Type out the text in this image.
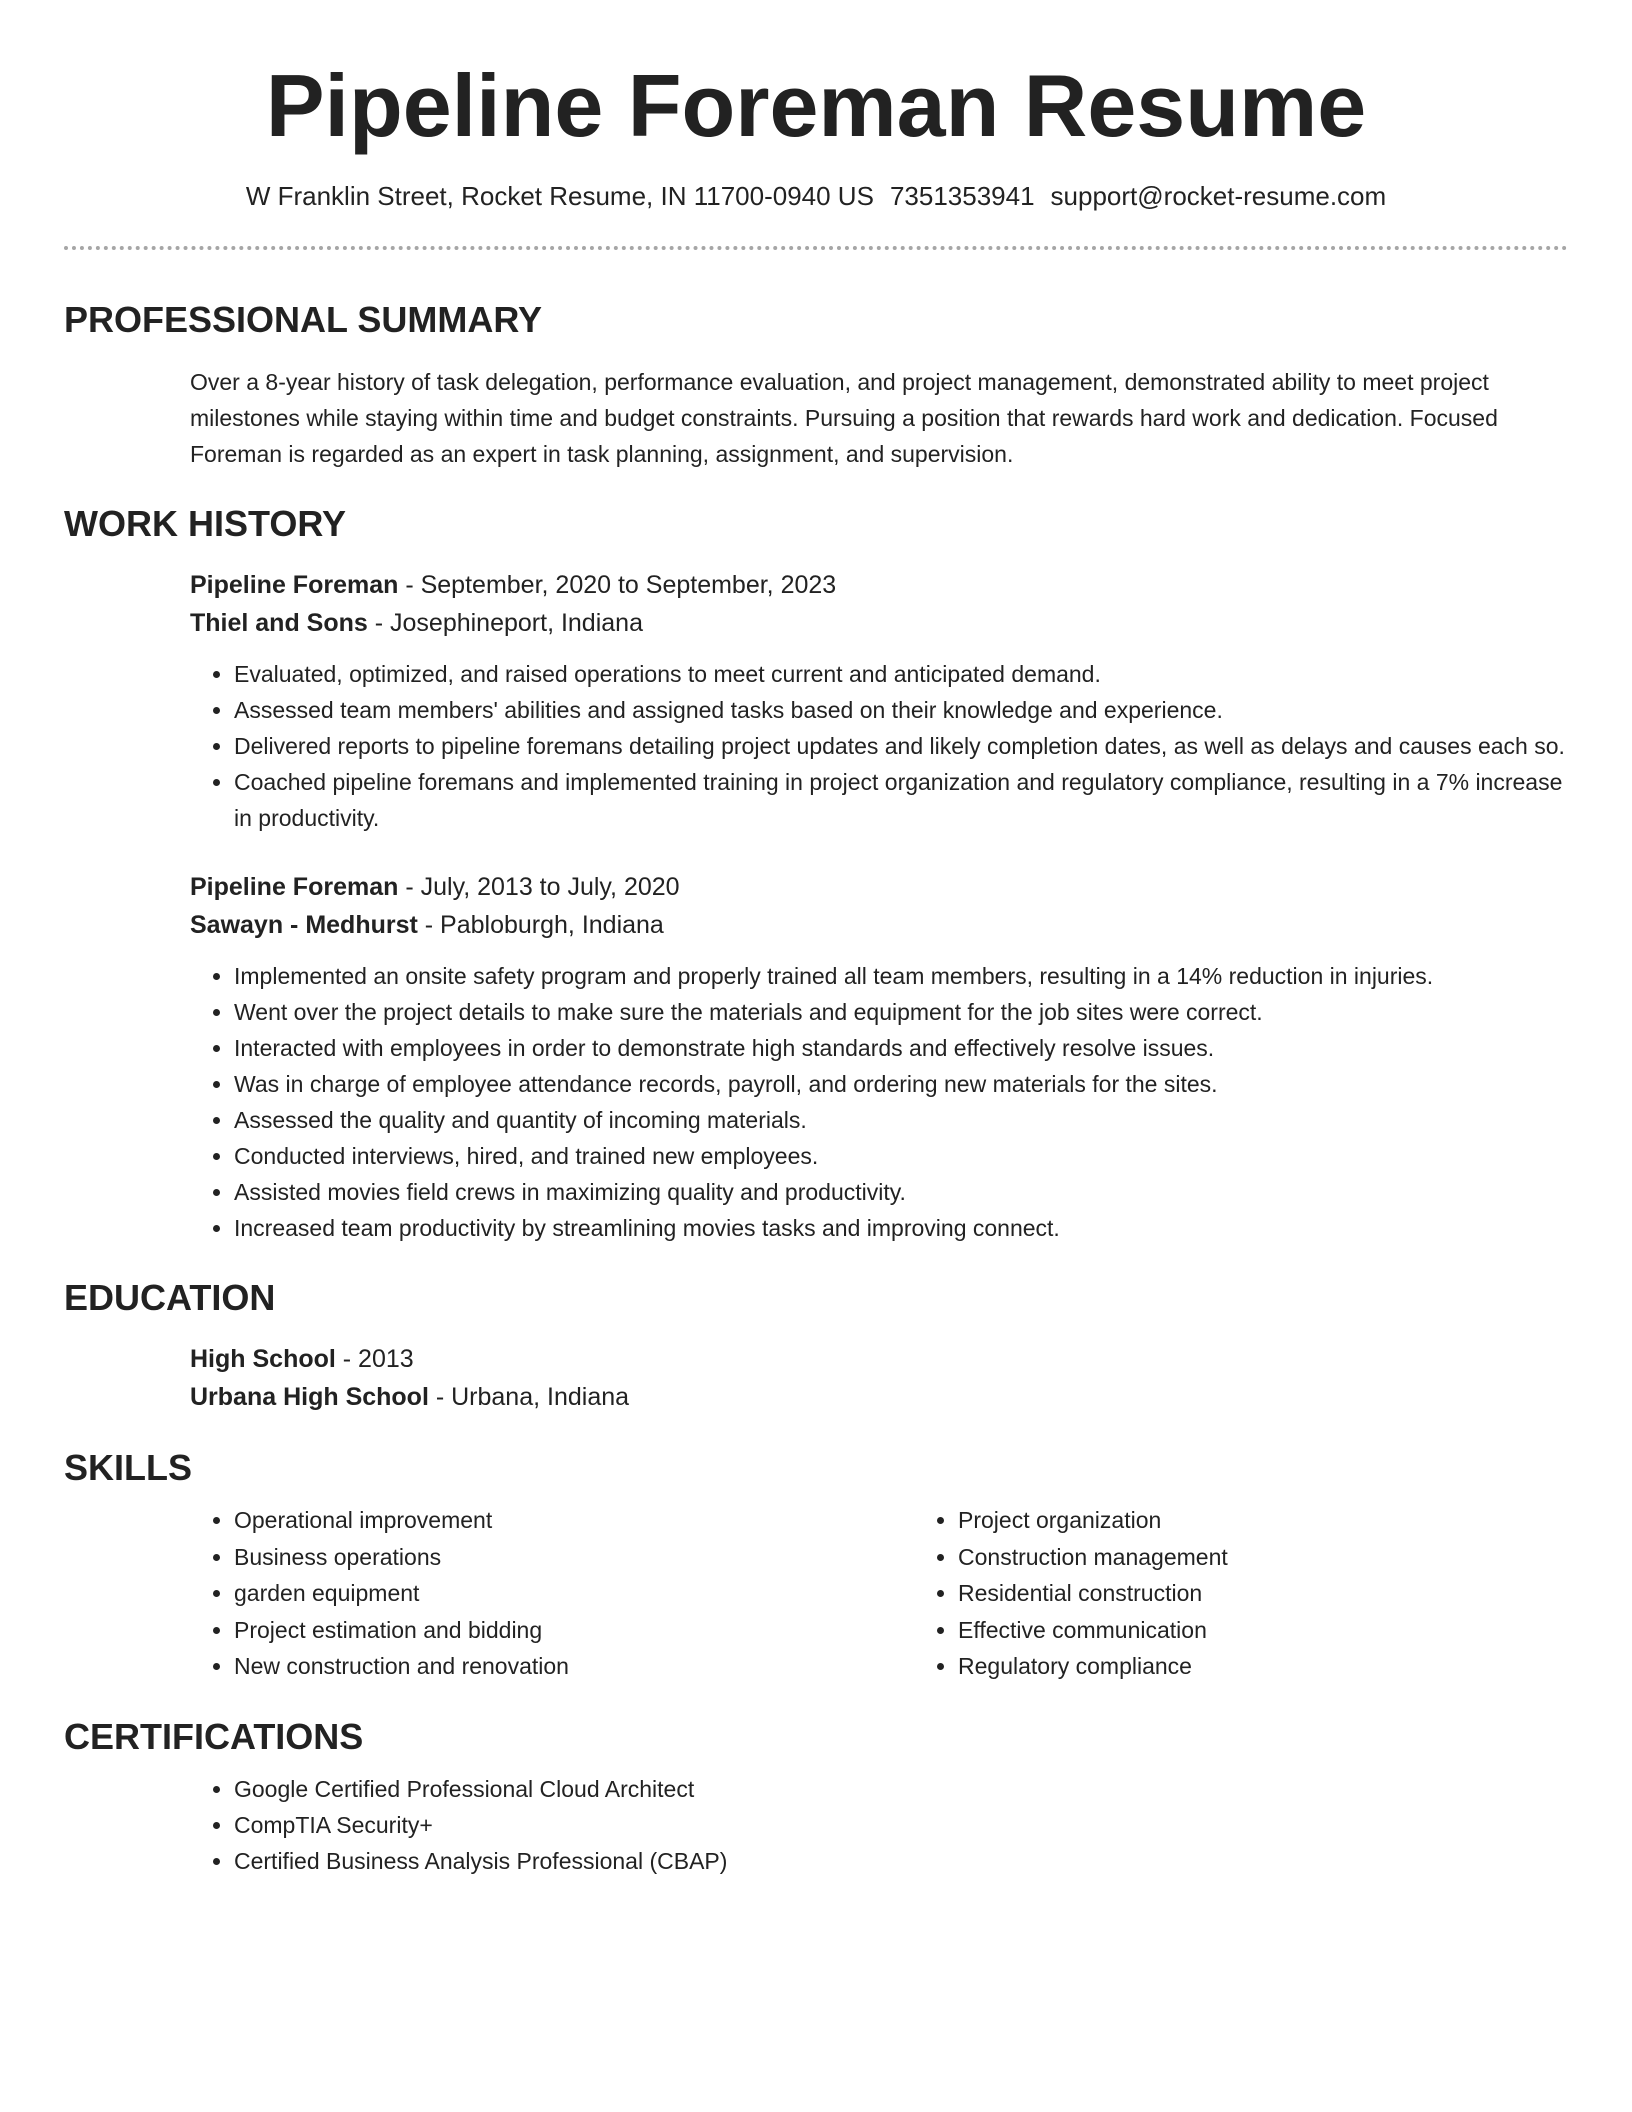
Pipeline Foreman Resume
W Franklin Street, Rocket Resume, IN 11700-0940 US 7351353941 support@rocket-resume.com
PROFESSIONAL SUMMARY
Over a 8-year history of task delegation, performance evaluation, and project management, demonstrated ability to meet project milestones while staying within time and budget constraints. Pursuing a position that rewards hard work and dedication. Focused Foreman is regarded as an expert in task planning, assignment, and supervision.
WORK HISTORY
Pipeline Foreman - September, 2020 to September, 2023
Thiel and Sons - Josephineport, Indiana
• Evaluated, optimized, and raised operations to meet current and anticipated demand.
• Assessed team members' abilities and assigned tasks based on their knowledge and experience.
• Delivered reports to pipeline foremans detailing project updates and likely completion dates, as well as delays and causes each so.
• Coached pipeline foremans and implemented training in project organization and regulatory compliance, resulting in a 7% increase in productivity.
Pipeline Foreman - July, 2013 to July, 2020
Sawayn - Medhurst - Pabloburgh, Indiana
• Implemented an onsite safety program and properly trained all team members, resulting in a 14% reduction in injuries.
• Went over the project details to make sure the materials and equipment for the job sites were correct.
• Interacted with employees in order to demonstrate high standards and effectively resolve issues.
• Was in charge of employee attendance records, payroll, and ordering new materials for the sites.
• Assessed the quality and quantity of incoming materials.
• Conducted interviews, hired, and trained new employees.
• Assisted movies field crews in maximizing quality and productivity.
• Increased team productivity by streamlining movies tasks and improving connect.
EDUCATION
High School - 2013
Urbana High School - Urbana, Indiana
SKILLS
• Operational improvement
• Business operations
• garden equipment
• Project estimation and bidding
• New construction and renovation
• Project organization
• Construction management
• Residential construction
• Effective communication
• Regulatory compliance
CERTIFICATIONS
• Google Certified Professional Cloud Architect
• CompTIA Security+
• Certified Business Analysis Professional (CBAP)
